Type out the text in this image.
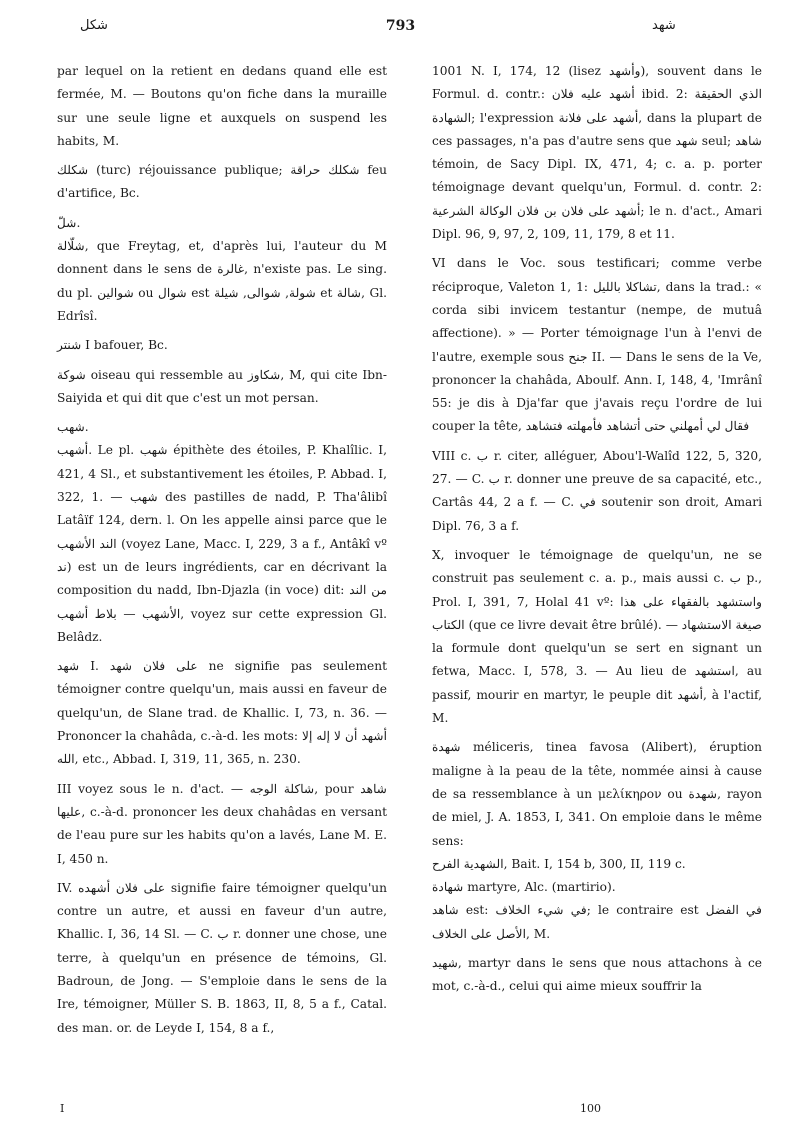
شكل	793	شهد

par lequel on la retient en dedans quand elle est fermée, M. — Boutons qu'on fiche dans la muraille sur une seule ligne et auxquels on suspend les habits, M.

شكلك (turc) réjouissance publique; شكلك حراقة feu d'artifice, Bc.

شلّ.

شلّالة, que Freytag, et, d'après lui, l'auteur du M donnent dans le sens de غالرة, n'existe pas. Le sing. du pl. شوالين ou شوال est شولة, شوالى, شيلة et شالة, Gl. Edrîsî.

شنتر I bafouer, Bc.

شوكة oiseau qui ressemble au شكاوز, M, qui cite Ibn-Saiyida et qui dit que c'est un mot persan.

شهب.

أشهب. Le pl. شهب épithète des étoiles, P. Khalîlic. I, 421, 4 Sl., et substantivement les étoiles, P. Abbad. I, 322, 1. — شهب des pastilles de nadd, P. Tha'âlibî Latâïf 124, dern. l. On les appelle ainsi parce que le الند الأشهب (voyez Lane, Macc. I, 229, 3 a f., Antâkî vº ند) est un de leurs ingrédients, car en décrivant la composition du nadd, Ibn-Djazla (in voce) dit: من الند الأشهب — بلاط أشهب, voyez sur cette expression Gl. Belâdz.

شهد I. على فلان شهد ne signifie pas seulement témoigner contre quelqu'un, mais aussi en faveur de quelqu'un, de Slane trad. de Khallic. I, 73, n. 36. — Prononcer la chahâda, c.-à-d. les mots: أشهد أن لا إله إلا الله, etc., Abbad. I, 319, 11, 365, n. 230.

III voyez sous le n. d'act. — شاكلة الوجه, pour شاهد عليها, c.-à-d. prononcer les deux chahâdas en versant de l'eau pure sur les habits qu'on a lavés, Lane M. E. I, 450 n.

IV. على فلان أشهده signifie faire témoigner quelqu'un contre un autre, et aussi en faveur d'un autre, Khallic. I, 36, 14 Sl. — C. ب r. donner une chose, une terre, à quelqu'un en présence de témoins, Gl. Badroun, de Jong. — S'emploie dans le sens de la Ire, témoigner, Müller S. B. 1863, II, 8, 5 a f., Catal. des man. or. de Leyde I, 154, 8 a f.,

1001 N. I, 174, 12 (lisez وأشهد), souvent dans le Formul. d. contr.: أشهد عليه فلان ibid. 2: الذي الحقيقة الشهادة; l'expression أشهد على فلانة, dans la plupart de ces passages, n'a pas d'autre sens que شهد seul; شاهد témoin, de Sacy Dipl. IX, 471, 4; c. a. p. porter témoignage devant quelqu'un, Formul. d. contr. 2: أشهد على فلان بن فلان الوكالة الشرعية; le n. d'act., Amari Dipl. 96, 9, 97, 2, 109, 11, 179, 8 et 11.

VI dans le Voc. sous testificari; comme verbe réciproque, Valeton ‎1, 1: تشاكلا بالليل, dans la trad.: « corda sibi invicem testantur (nempe, de mutuâ affectione). » — Porter témoignage l'un à l'envi de l'autre, exemple sous جنح II. — Dans le sens de la Ve, prononcer la chahâda, Aboulf. Ann. I, 148, 4, 'Imrânî 55: je dis à Dja'far que j'avais reçu l'ordre de lui couper la tête, فقال لي أمهلني حتى أتشاهد فأمهلته فتشاهد

VIII c. ب r. citer, alléguer, Abou'l-Walîd 122, 5, 320, 27. — C. ب r. donner une preuve de sa capacité, etc., Cartâs 44, 2 a f. — C. في soutenir son droit, Amari Dipl. 76, 3 a f.

X, invoquer le témoignage de quelqu'un, ne se construit pas seulement c. a. p., mais aussi c. ب p., Prol. I, 391, 7, Holal 41 vº: واستشهد بالفقهاء على هذا الكتاب (que ce livre devait être brûlé). — صيغة الاستشهاد la formule dont quelqu'un se sert en signant un fetwa, Macc. I, 578, 3. — Au lieu de استشهد, au passif, mourir en martyr, le peuple dit أشهد, à l'actif, M.

شهدة méliceris, tinea favosa (Alibert), éruption maligne à la peau de la tête, nommée ainsi à cause de sa ressemblance à un μελίκηρον ou شهدة, rayon de miel, J. A. 1853, I, 341. On emploie dans le même sens:

الشهدية الفرح, Bait. I, 154 b, 300, II, 119 c.

شهادة martyre, Alc. (martirio).

شاهد est: في شيء الخلاف; le contraire est في الفضل الأصل على الخلاف, M.

شهيد, martyr dans le sens que nous attachons à ce mot, c.-à-d., celui qui aime mieux souffrir la

I	100
